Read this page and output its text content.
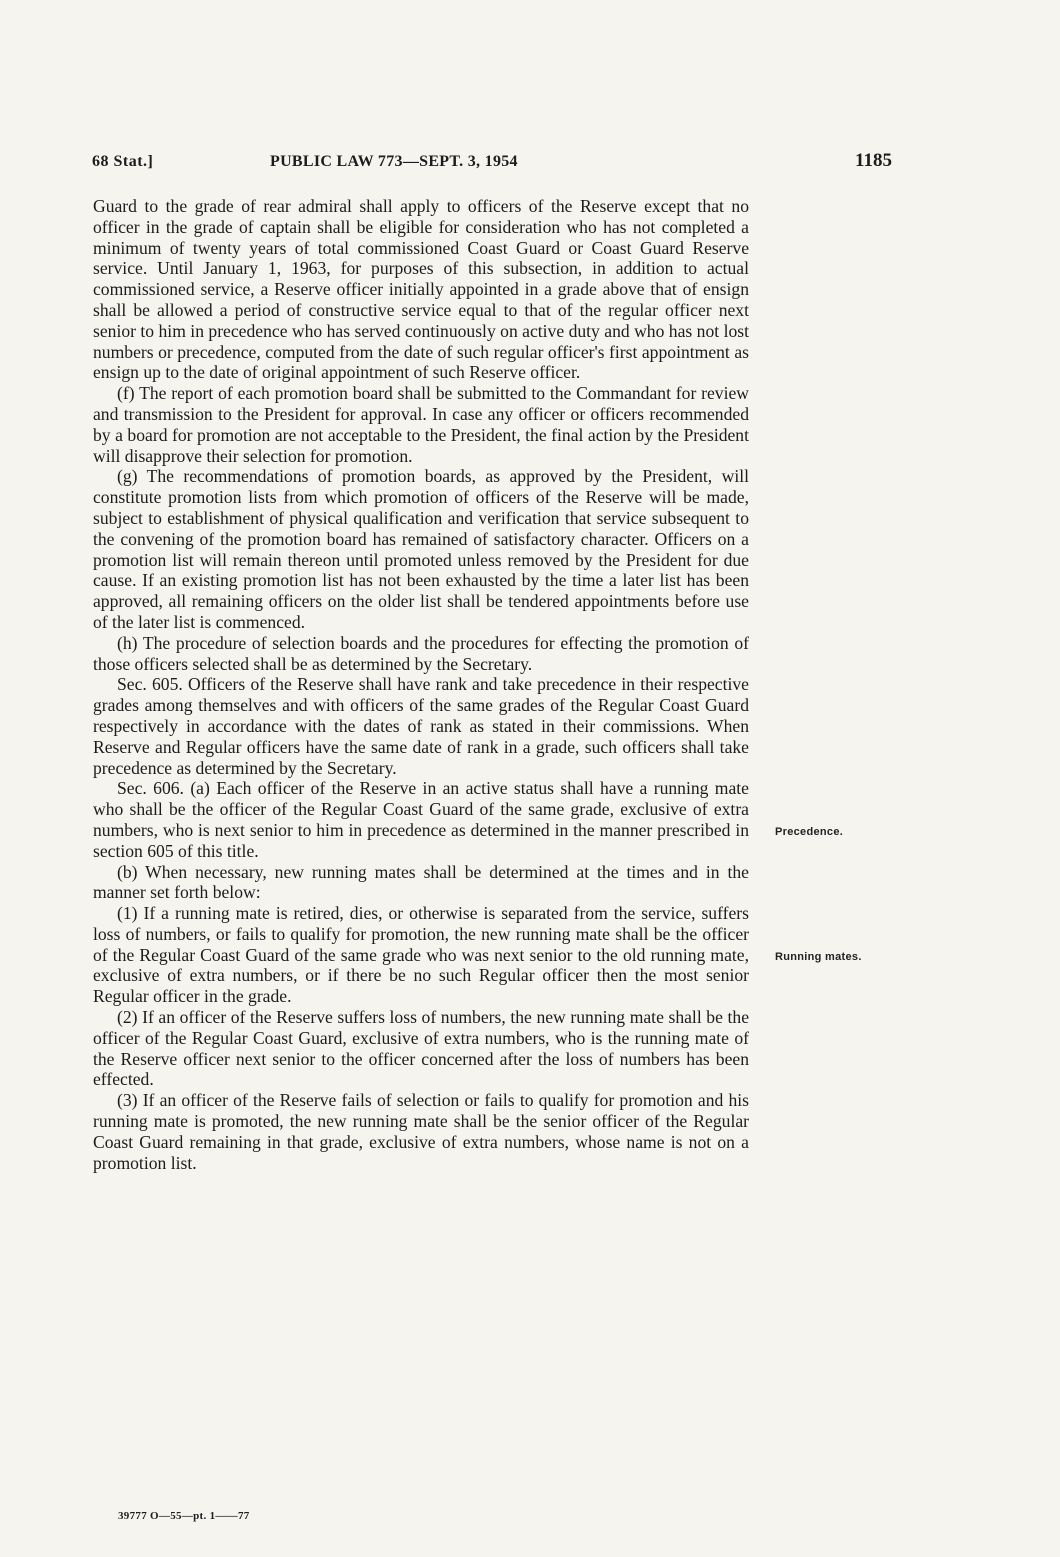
68 Stat.]	PUBLIC LAW 773—SEPT. 3, 1954	1185

Guard to the grade of rear admiral shall apply to officers of the Reserve except that no officer in the grade of captain shall be eligible for consideration who has not completed a minimum of twenty years of total commissioned Coast Guard or Coast Guard Reserve service. Until January 1, 1963, for purposes of this subsection, in addition to actual commissioned service, a Reserve officer initially appointed in a grade above that of ensign shall be allowed a period of constructive service equal to that of the regular officer next senior to him in precedence who has served continuously on active duty and who has not lost numbers or precedence, computed from the date of such regular officer's first appointment as ensign up to the date of original appointment of such Reserve officer.

(f) The report of each promotion board shall be submitted to the Commandant for review and transmission to the President for approval. In case any officer or officers recommended by a board for promotion are not acceptable to the President, the final action by the President will disapprove their selection for promotion.

(g) The recommendations of promotion boards, as approved by the President, will constitute promotion lists from which promotion of officers of the Reserve will be made, subject to establishment of physical qualification and verification that service subsequent to the convening of the promotion board has remained of satisfactory character. Officers on a promotion list will remain thereon until promoted unless removed by the President for due cause. If an existing promotion list has not been exhausted by the time a later list has been approved, all remaining officers on the older list shall be tendered appointments before use of the later list is commenced.

(h) The procedure of selection boards and the procedures for effecting the promotion of those officers selected shall be as determined by the Secretary.

Sec. 605. Officers of the Reserve shall have rank and take precedence in their respective grades among themselves and with officers of the same grades of the Regular Coast Guard respectively in accordance with the dates of rank as stated in their commissions. When Reserve and Regular officers have the same date of rank in a grade, such officers shall take precedence as determined by the Secretary.

Sec. 606. (a) Each officer of the Reserve in an active status shall have a running mate who shall be the officer of the Regular Coast Guard of the same grade, exclusive of extra numbers, who is next senior to him in precedence as determined in the manner prescribed in section 605 of this title.

(b) When necessary, new running mates shall be determined at the times and in the manner set forth below:

(1) If a running mate is retired, dies, or otherwise is separated from the service, suffers loss of numbers, or fails to qualify for promotion, the new running mate shall be the officer of the Regular Coast Guard of the same grade who was next senior to the old running mate, exclusive of extra numbers, or if there be no such Regular officer then the most senior Regular officer in the grade.

(2) If an officer of the Reserve suffers loss of numbers, the new running mate shall be the officer of the Regular Coast Guard, exclusive of extra numbers, who is the running mate of the Reserve officer next senior to the officer concerned after the loss of numbers has been effected.

(3) If an officer of the Reserve fails of selection or fails to qualify for promotion and his running mate is promoted, the new running mate shall be the senior officer of the Regular Coast Guard remaining in that grade, exclusive of extra numbers, whose name is not on a promotion list.

Precedence.
Running mates.
39777 O—55—pt. 1——77
